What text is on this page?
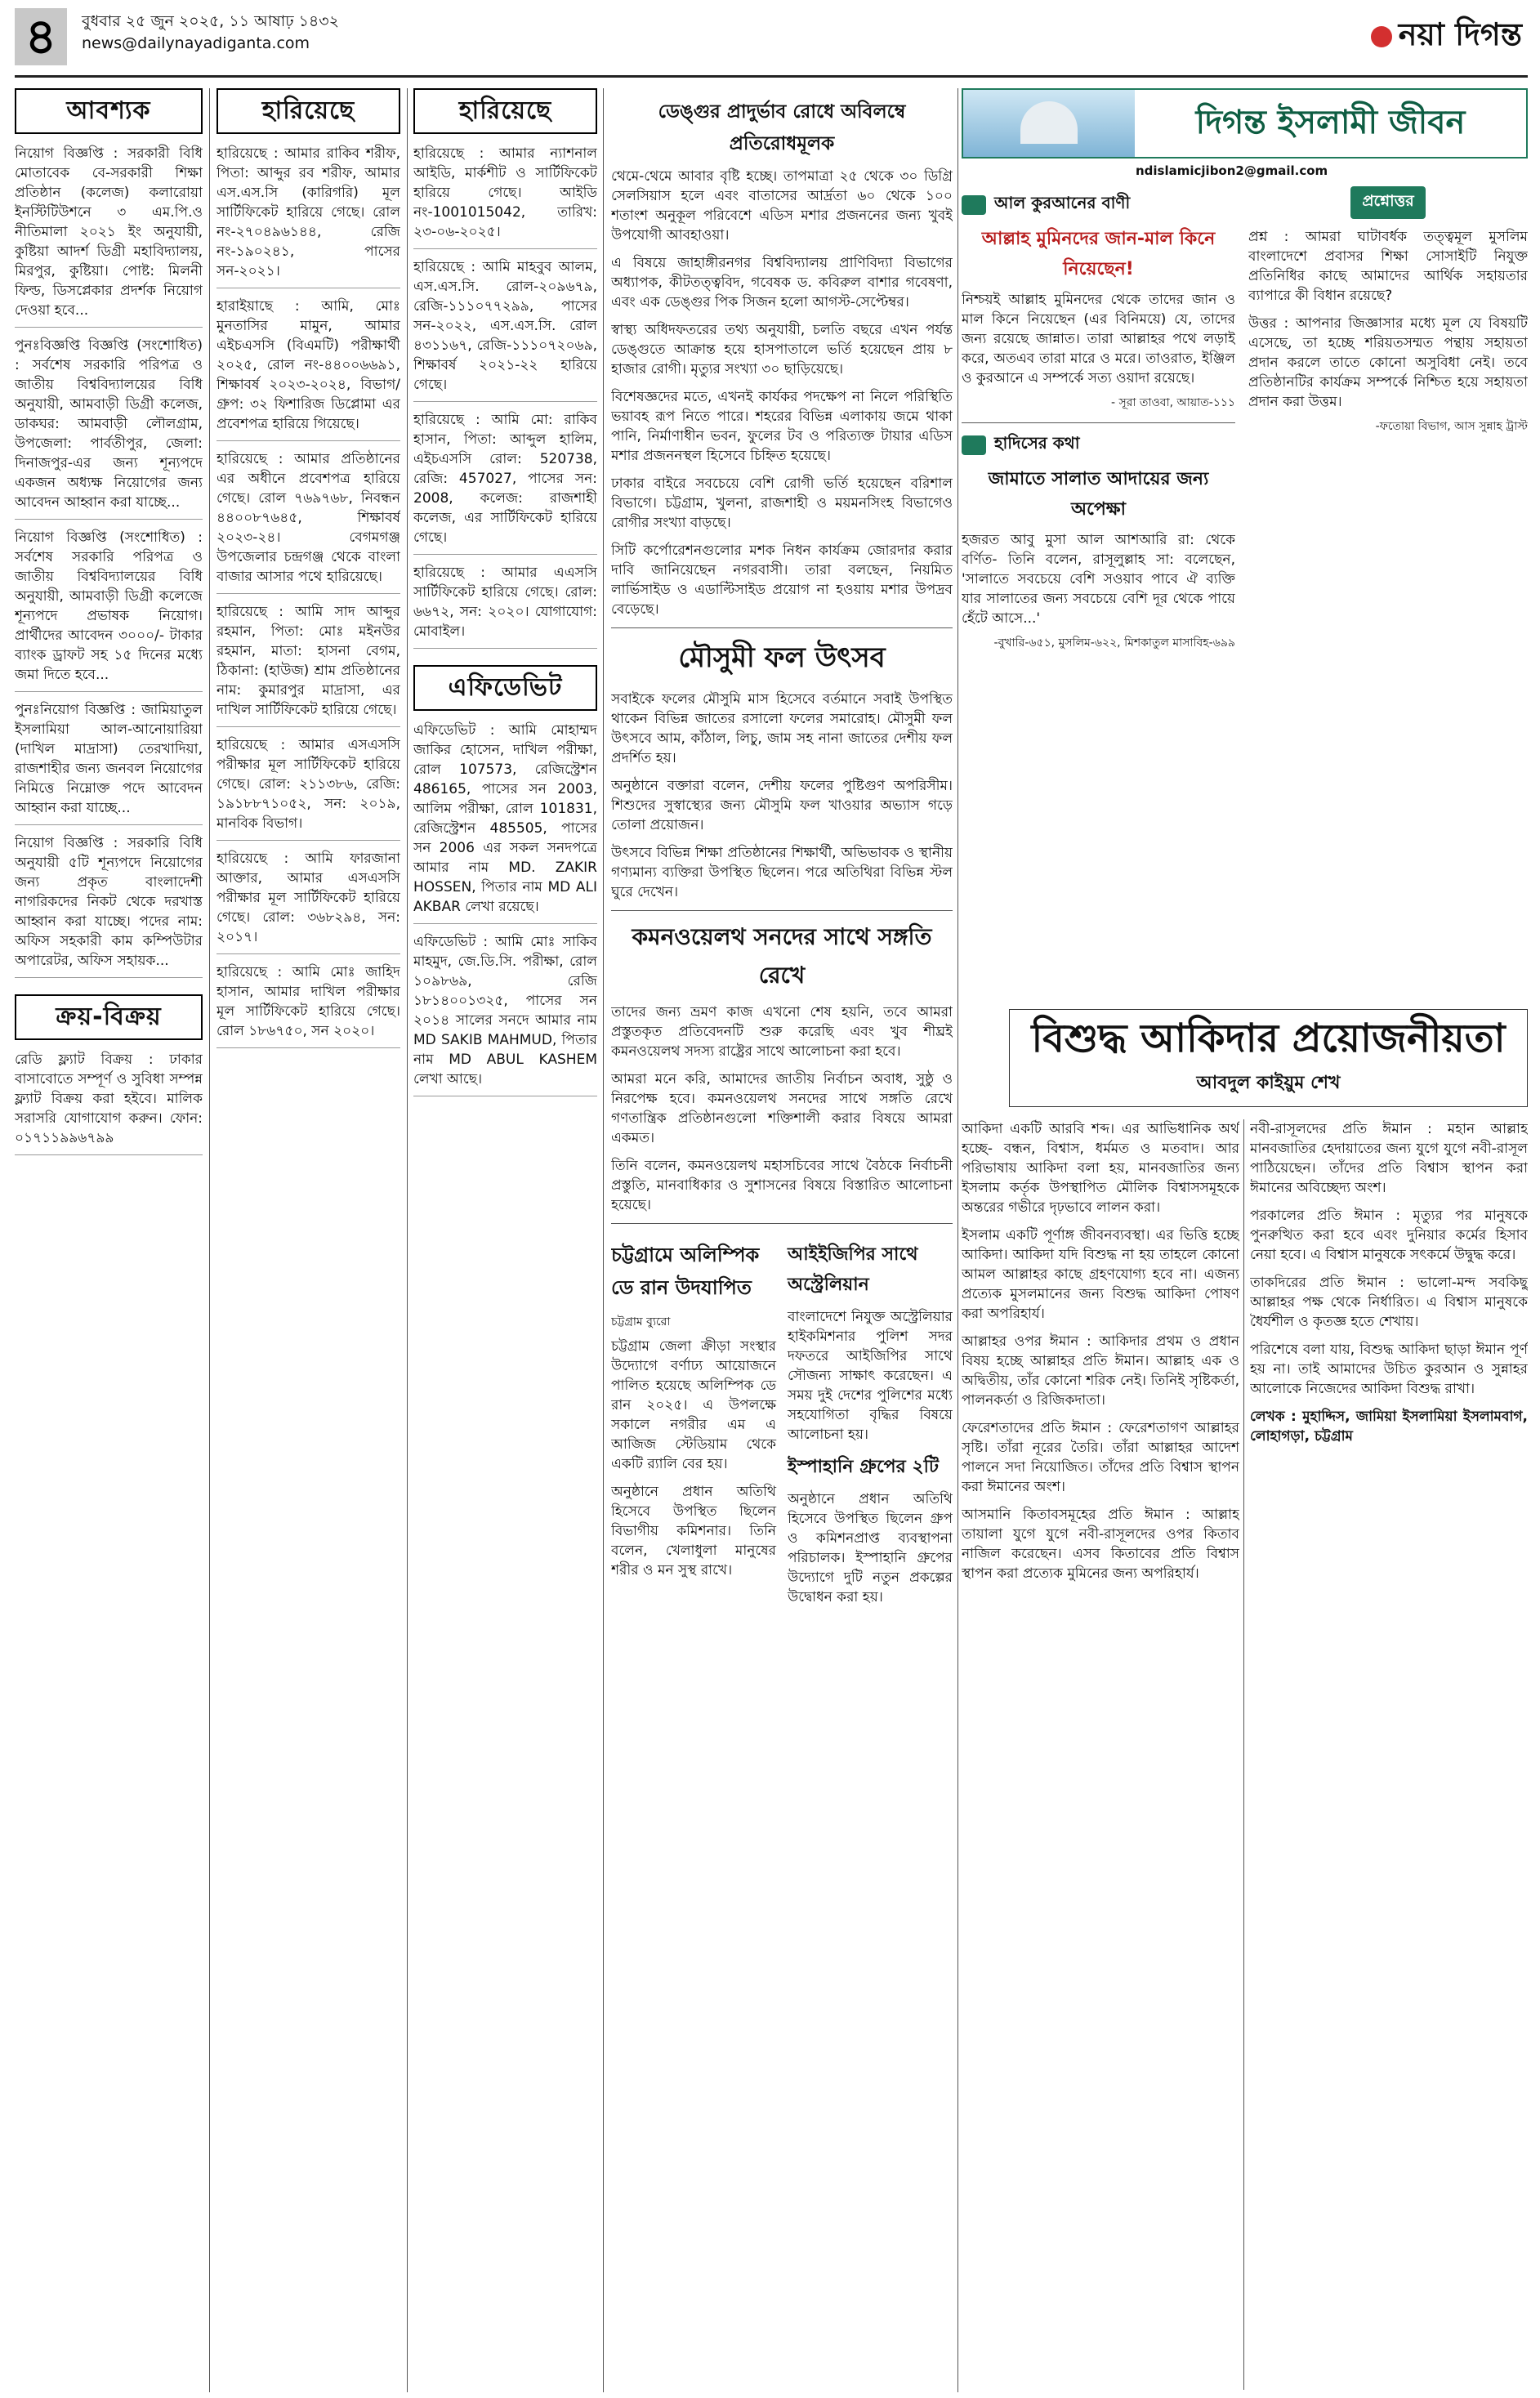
৪	বুধবার ২৫ জুন ২০২৫, ১১ আষাঢ় ১৪৩২
news@dailynayadiganta.com	নয়া দিগন্ত
আবশ্যক
নিয়োগ বিজ্ঞপ্তি : সরকারী বিধি মোতাবেক বে-সরকারী শিক্ষা প্রতিষ্ঠান (কলেজ) কলারোয়া ইনস্টিটিউশনে ৩ এম.পি.ও নীতিমালা ২০২১ ইং অনুযায়ী, কুষ্টিয়া আদর্শ ডিগ্রী মহাবিদ্যালয়, মিরপুর, কুষ্টিয়া। পোষ্ট: মিলনী ফিল্ড, ডিসপ্লেকার প্রদর্শক নিয়োগ দেওয়া হবে...
পুনঃবিজ্ঞপ্তি বিজ্ঞপ্তি (সংশোধিত) : সর্বশেষ সরকারি পরিপত্র ও জাতীয় বিশ্ববিদ্যালয়ের বিধি অনুযায়ী, আমবাড়ী ডিগ্রী কলেজ, ডাকঘর: আমবাড়ী লৌলগ্রাম, উপজেলা: পার্বতীপুর, জেলা: দিনাজপুর-এর জন্য শূন্যপদে একজন অধ্যক্ষ নিয়োগের জন্য আবেদন আহ্বান করা যাচ্ছে...
নিয়োগ বিজ্ঞপ্তি (সংশোধিত) : সর্বশেষ সরকারি পরিপত্র ও জাতীয় বিশ্ববিদ্যালয়ের বিধি অনুযায়ী, আমবাড়ী ডিগ্রী কলেজে শূন্যপদে প্রভাষক নিয়োগ। প্রার্থীদের আবেদন ৩০০০/- টাকার ব্যাংক ড্রাফট সহ ১৫ দিনের মধ্যে জমা দিতে হবে...
পুনঃনিয়োগ বিজ্ঞপ্তি : জামিয়াতুল ইসলামিয়া আল-আনোয়ারিয়া (দাখিল মাদ্রাসা) তেরখাদিয়া, রাজশাহীর জন্য জনবল নিয়োগের নিমিত্তে নিম্নোক্ত পদে আবেদন আহ্বান করা যাচ্ছে...
নিয়োগ বিজ্ঞপ্তি : সরকারি বিধি অনুযায়ী ৫টি শূন্যপদে নিয়োগের জন্য প্রকৃত বাংলাদেশী নাগরিকদের নিকট থেকে দরখাস্ত আহ্বান করা যাচ্ছে। পদের নাম: অফিস সহকারী কাম কম্পিউটার অপারেটর, অফিস সহায়ক...
ক্রয়-বিক্রয়
রেডি ফ্ল্যাট বিক্রয় : ঢাকার বাসাবোতে সম্পূর্ণ ও সুবিধা সম্পন্ন ফ্ল্যাট বিক্রয় করা হইবে। মালিক সরাসরি যোগাযোগ করুন। ফোন: ০১৭১১৯৯৬৭৯৯
হারিয়েছে
হারিয়েছে : আমার রাকিব শরীফ, পিতা: আব্দুর রব শরীফ, আমার এস.এস.সি (কারিগরি) মূল সার্টিফিকেট হারিয়ে গেছে। রোল নং-২৭০৪৯৬১৪৪, রেজি নং-১৯০২৪১, পাসের সন-২০২১।
হারাইয়াছে : আমি, মোঃ মুনতাসির মামুন, আমার এইচএসসি (বিএমটি) পরীক্ষার্থী ২০২৫, রোল নং-৪৪০০৬৬৯১, শিক্ষাবর্ষ ২০২৩-২০২৪, বিভাগ/গ্রুপ: ৩২ ফিশারিজ ডিপ্লোমা এর প্রবেশপত্র হারিয়ে গিয়েছে।
হারিয়েছে : আমার প্রতিষ্ঠানের এর অধীনে প্রবেশপত্র হারিয়ে গেছে। রোল ৭৬৯৭৬৮, নিবন্ধন ৪৪০০৮৭৬৪৫, শিক্ষাবর্ষ ২০২৩-২৪। বেগমগঞ্জ উপজেলার চন্দ্রগঞ্জ থেকে বাংলা বাজার আসার পথে হারিয়েছে।
হারিয়েছে : আমি সাদ আব্দুর রহমান, পিতা: মোঃ মইনউর রহমান, মাতা: হাসনা বেগম, ঠিকানা: (হাউজ) শ্রাম প্রতিষ্ঠানের নাম: কুমারপুর মাদ্রাসা, এর দাখিল সার্টিফিকেট হারিয়ে গেছে।
হারিয়েছে : আমার এসএসসি পরীক্ষার মূল সার্টিফিকেট হারিয়ে গেছে। রোল: ২১১৩৮৬, রেজি: ১৯১৮৮৭১০৫২, সন: ২০১৯, মানবিক বিভাগ।
হারিয়েছে : আমি ফারজানা আক্তার, আমার এসএসসি পরীক্ষার মূল সার্টিফিকেট হারিয়ে গেছে। রোল: ৩৬৮২৯৪, সন: ২০১৭।
হারিয়েছে : আমি মোঃ জাহিদ হাসান, আমার দাখিল পরীক্ষার মূল সার্টিফিকেট হারিয়ে গেছে। রোল ১৮৬৭৫০, সন ২০২০।
হারিয়েছে
হারিয়েছে : আমার ন্যাশনাল আইডি, মার্কশীট ও সার্টিফিকেট হারিয়ে গেছে। আইডি নং-1001015042, তারিখ: ২৩-০৬-২০২৫।
হারিয়েছে : আমি মাহবুব আলম, এস.এস.সি. রোল-২০৯৬৭৯, রেজি-১১১০৭৭২৯৯, পাসের সন-২০২২, এস.এস.সি. রোল ৪৩১১৬৭, রেজি-১১১০৭২০৬৯, শিক্ষাবর্ষ ২০২১-২২ হারিয়ে গেছে।
হারিয়েছে : আমি মো: রাকিব হাসান, পিতা: আব্দুল হালিম, এইচএসসি রোল: 520738, রেজি: 457027, পাসের সন: 2008, কলেজ: রাজশাহী কলেজ, এর সার্টিফিকেট হারিয়ে গেছে।
হারিয়েছে : আমার এএসসি সার্টিফিকেট হারিয়ে গেছে। রোল: ৬৬৭২, সন: ২০২০। যোগাযোগ: মোবাইল।
এফিডেভিট
এফিডেভিট : আমি মোহাম্মদ জাকির হোসেন, দাখিল পরীক্ষা, রোল 107573, রেজিস্ট্রেশন 486165, পাসের সন 2003, আলিম পরীক্ষা, রোল 101831, রেজিস্ট্রেশন 485505, পাসের সন 2006 এর সকল সনদপত্রে আমার নাম MD. ZAKIR HOSSEN, পিতার নাম MD ALI AKBAR লেখা রয়েছে।
এফিডেভিট : আমি মোঃ সাকিব মাহমুদ, জে.ডি.সি. পরীক্ষা, রোল ১০৯৮৬৯, রেজি ১৮১৪০০১৩২৫, পাসের সন ২০১৪ সালের সনদে আমার নাম MD SAKIB MAHMUD, পিতার নাম MD ABUL KASHEM লেখা আছে।
ডেঙ্গুর প্রাদুর্ভাব রোধে অবিলম্বে প্রতিরোধমূলক

থেমে-থেমে আবার বৃষ্টি হচ্ছে। তাপমাত্রা ২৫ থেকে ৩০ ডিগ্রি সেলসিয়াস হলে এবং বাতাসের আর্দ্রতা ৬০ থেকে ১০০ শতাংশ অনুকূল পরিবেশে এডিস মশার প্রজননের জন্য খুবই উপযোগী আবহাওয়া।

এ বিষয়ে জাহাঙ্গীরনগর বিশ্ববিদ্যালয় প্রাণিবিদ্যা বিভাগের অধ্যাপক, কীটতত্ত্ববিদ, গবেষক ড. কবিরুল বাশার গবেষণা, এবং এক ডেঙ্গুর পিক সিজন হলো আগস্ট-সেপ্টেম্বর।

স্বাস্থ্য অধিদফতরের তথ্য অনুযায়ী, চলতি বছরে এখন পর্যন্ত ডেঙ্গুতে আক্রান্ত হয়ে হাসপাতালে ভর্তি হয়েছেন প্রায় ৮ হাজার রোগী। মৃত্যুর সংখ্যা ৩০ ছাড়িয়েছে।

বিশেষজ্ঞদের মতে, এখনই কার্যকর পদক্ষেপ না নিলে পরিস্থিতি ভয়াবহ রূপ নিতে পারে। শহরের বিভিন্ন এলাকায় জমে থাকা পানি, নির্মাণাধীন ভবন, ফুলের টব ও পরিত্যক্ত টায়ার এডিস মশার প্রজননস্থল হিসেবে চিহ্নিত হয়েছে।

ঢাকার বাইরে সবচেয়ে বেশি রোগী ভর্তি হয়েছেন বরিশাল বিভাগে। চট্টগ্রাম, খুলনা, রাজশাহী ও ময়মনসিংহ বিভাগেও রোগীর সংখ্যা বাড়ছে।

সিটি কর্পোরেশনগুলোর মশক নিধন কার্যক্রম জোরদার করার দাবি জানিয়েছেন নগরবাসী। তারা বলছেন, নিয়মিত লার্ভিসাইড ও এডাল্টিসাইড প্রয়োগ না হওয়ায় মশার উপদ্রব বেড়েছে।

মৌসুমী ফল উৎসব

সবাইকে ফলের মৌসুমি মাস হিসেবে বর্তমানে সবাই উপস্থিত থাকেন বিভিন্ন জাতের রসালো ফলের সমারোহ। মৌসুমী ফল উৎসবে আম, কাঁঠাল, লিচু, জাম সহ নানা জাতের দেশীয় ফল প্রদর্শিত হয়।

অনুষ্ঠানে বক্তারা বলেন, দেশীয় ফলের পুষ্টিগুণ অপরিসীম। শিশুদের সুস্বাস্থ্যের জন্য মৌসুমি ফল খাওয়ার অভ্যাস গড়ে তোলা প্রয়োজন।

উৎসবে বিভিন্ন শিক্ষা প্রতিষ্ঠানের শিক্ষার্থী, অভিভাবক ও স্থানীয় গণ্যমান্য ব্যক্তিরা উপস্থিত ছিলেন। পরে অতিথিরা বিভিন্ন স্টল ঘুরে দেখেন।

কমনওয়েলথ সনদের সাথে সঙ্গতি রেখে

তাদের জন্য ভ্রমণ কাজ এখনো শেষ হয়নি, তবে আমরা প্রস্তুতকৃত প্রতিবেদনটি শুরু করেছি এবং খুব শীঘ্রই কমনওয়েলথ সদস্য রাষ্ট্রের সাথে আলোচনা করা হবে।

আমরা মনে করি, আমাদের জাতীয় নির্বাচন অবাধ, সুষ্ঠু ও নিরপেক্ষ হবে। কমনওয়েলথ সনদের সাথে সঙ্গতি রেখে গণতান্ত্রিক প্রতিষ্ঠানগুলো শক্তিশালী করার বিষয়ে আমরা একমত।

তিনি বলেন, কমনওয়েলথ মহাসচিবের সাথে বৈঠকে নির্বাচনী প্রস্তুতি, মানবাধিকার ও সুশাসনের বিষয়ে বিস্তারিত আলোচনা হয়েছে।

চট্টগ্রামে অলিম্পিক ডে রান উদযাপিত
চট্টগ্রাম ব্যুরো

চট্টগ্রাম জেলা ক্রীড়া সংস্থার উদ্যোগে বর্ণাঢ্য আয়োজনে পালিত হয়েছে অলিম্পিক ডে রান ২০২৫। এ উপলক্ষে সকালে নগরীর এম এ আজিজ স্টেডিয়াম থেকে একটি র‍্যালি বের হয়।

অনুষ্ঠানে প্রধান অতিথি হিসেবে উপস্থিত ছিলেন বিভাগীয় কমিশনার। তিনি বলেন, খেলাধুলা মানুষের শরীর ও মন সুস্থ রাখে।

আইইজিপির সাথে অস্ট্রেলিয়ান

বাংলাদেশে নিযুক্ত অস্ট্রেলিয়ার হাইকমিশনার পুলিশ সদর দফতরে আইজিপির সাথে সৌজন্য সাক্ষাৎ করেছেন। এ সময় দুই দেশের পুলিশের মধ্যে সহযোগিতা বৃদ্ধির বিষয়ে আলোচনা হয়।

ইস্পাহানি গ্রুপের ২টি

অনুষ্ঠানে প্রধান অতিথি হিসেবে উপস্থিত ছিলেন গ্রুপ ও কমিশনপ্রাপ্ত ব্যবস্থাপনা পরিচালক। ইস্পাহানি গ্রুপের উদ্যোগে দুটি নতুন প্রকল্পের উদ্বোধন করা হয়।

দিগন্ত ইসলামী জীবন
ndislamicjibon2@gmail.com
আল কুরআনের বাণী
আল্লাহ মুমিনদের জান-মাল কিনে নিয়েছেন!

নিশ্চয়ই আল্লাহ মুমিনদের থেকে তাদের জান ও মাল কিনে নিয়েছেন (এর বিনিময়ে) যে, তাদের জন্য রয়েছে জান্নাত। তারা আল্লাহর পথে লড়াই করে, অতএব তারা মারে ও মরে। তাওরাত, ইঞ্জিল ও কুরআনে এ সম্পর্কে সত্য ওয়াদা রয়েছে।

- সূরা তাওবা, আয়াত-১১১
হাদিসের কথা
জামাতে সালাত আদায়ের জন্য অপেক্ষা

হজরত আবু মুসা আল আশআরি রা: থেকে বর্ণিত- তিনি বলেন, রাসূলুল্লাহ সা: বলেছেন, 'সালাতে সবচেয়ে বেশি সওয়াব পাবে ঐ ব্যক্তি যার সালাতের জন্য সবচেয়ে বেশি দূর থেকে পায়ে হেঁটে আসে...'

-বুখারি-৬৫১, মুসলিম-৬২২, মিশকাতুল মাসাবিহ-৬৯৯
প্রশ্নোত্তর

প্রশ্ন : আমরা ঘাটাবর্ধক তত্ত্বমূল মুসলিম বাংলাদেশে প্রবাসর শিক্ষা সোসাইটি নিযুক্ত প্রতিনিধির কাছে আমাদের আর্থিক সহায়তার ব্যাপারে কী বিধান রয়েছে?

উত্তর : আপনার জিজ্ঞাসার মধ্যে মূল যে বিষয়টি এসেছে, তা হচ্ছে শরিয়তসম্মত পন্থায় সহায়তা প্রদান করলে তাতে কোনো অসুবিধা নেই। তবে প্রতিষ্ঠানটির কার্যক্রম সম্পর্কে নিশ্চিত হয়ে সহায়তা প্রদান করা উত্তম।

-ফতোয়া বিভাগ, আস সুন্নাহ ট্রাস্ট
বিশুদ্ধ আকিদার প্রয়োজনীয়তা
আবদুল কাইয়ুম শেখ

আকিদা একটি আরবি শব্দ। এর আভিধানিক অর্থ হচ্ছে- বন্ধন, বিশ্বাস, ধর্মমত ও মতবাদ। আর পরিভাষায় আকিদা বলা হয়, মানবজাতির জন্য ইসলাম কর্তৃক উপস্থাপিত মৌলিক বিশ্বাসসমূহকে অন্তরের গভীরে দৃঢ়ভাবে লালন করা।

ইসলাম একটি পূর্ণাঙ্গ জীবনব্যবস্থা। এর ভিত্তি হচ্ছে আকিদা। আকিদা যদি বিশুদ্ধ না হয় তাহলে কোনো আমল আল্লাহর কাছে গ্রহণযোগ্য হবে না। এজন্য প্রত্যেক মুসলমানের জন্য বিশুদ্ধ আকিদা পোষণ করা অপরিহার্য।

আল্লাহর ওপর ঈমান : আকিদার প্রথম ও প্রধান বিষয় হচ্ছে আল্লাহর প্রতি ঈমান। আল্লাহ এক ও অদ্বিতীয়, তাঁর কোনো শরিক নেই। তিনিই সৃষ্টিকর্তা, পালনকর্তা ও রিজিকদাতা।

ফেরেশতাদের প্রতি ঈমান : ফেরেশতাগণ আল্লাহর সৃষ্টি। তাঁরা নূরের তৈরি। তাঁরা আল্লাহর আদেশ পালনে সদা নিয়োজিত। তাঁদের প্রতি বিশ্বাস স্থাপন করা ঈমানের অংশ।

আসমানি কিতাবসমূহের প্রতি ঈমান : আল্লাহ তায়ালা যুগে যুগে নবী-রাসূলদের ওপর কিতাব নাজিল করেছেন। এসব কিতাবের প্রতি বিশ্বাস স্থাপন করা প্রত্যেক মুমিনের জন্য অপরিহার্য।

নবী-রাসূলদের প্রতি ঈমান : মহান আল্লাহ মানবজাতির হেদায়াতের জন্য যুগে যুগে নবী-রাসূল পাঠিয়েছেন। তাঁদের প্রতি বিশ্বাস স্থাপন করা ঈমানের অবিচ্ছেদ্য অংশ।

পরকালের প্রতি ঈমান : মৃত্যুর পর মানুষকে পুনরুত্থিত করা হবে এবং দুনিয়ার কর্মের হিসাব নেয়া হবে। এ বিশ্বাস মানুষকে সৎকর্মে উদ্বুদ্ধ করে।

তাকদিরের প্রতি ঈমান : ভালো-মন্দ সবকিছু আল্লাহর পক্ষ থেকে নির্ধারিত। এ বিশ্বাস মানুষকে ধৈর্যশীল ও কৃতজ্ঞ হতে শেখায়।

পরিশেষে বলা যায়, বিশুদ্ধ আকিদা ছাড়া ঈমান পূর্ণ হয় না। তাই আমাদের উচিত কুরআন ও সুন্নাহর আলোকে নিজেদের আকিদা বিশুদ্ধ রাখা।

লেখক : মুহাদ্দিস, জামিয়া ইসলামিয়া ইসলামবাগ, লোহাগড়া, চট্টগ্রাম
